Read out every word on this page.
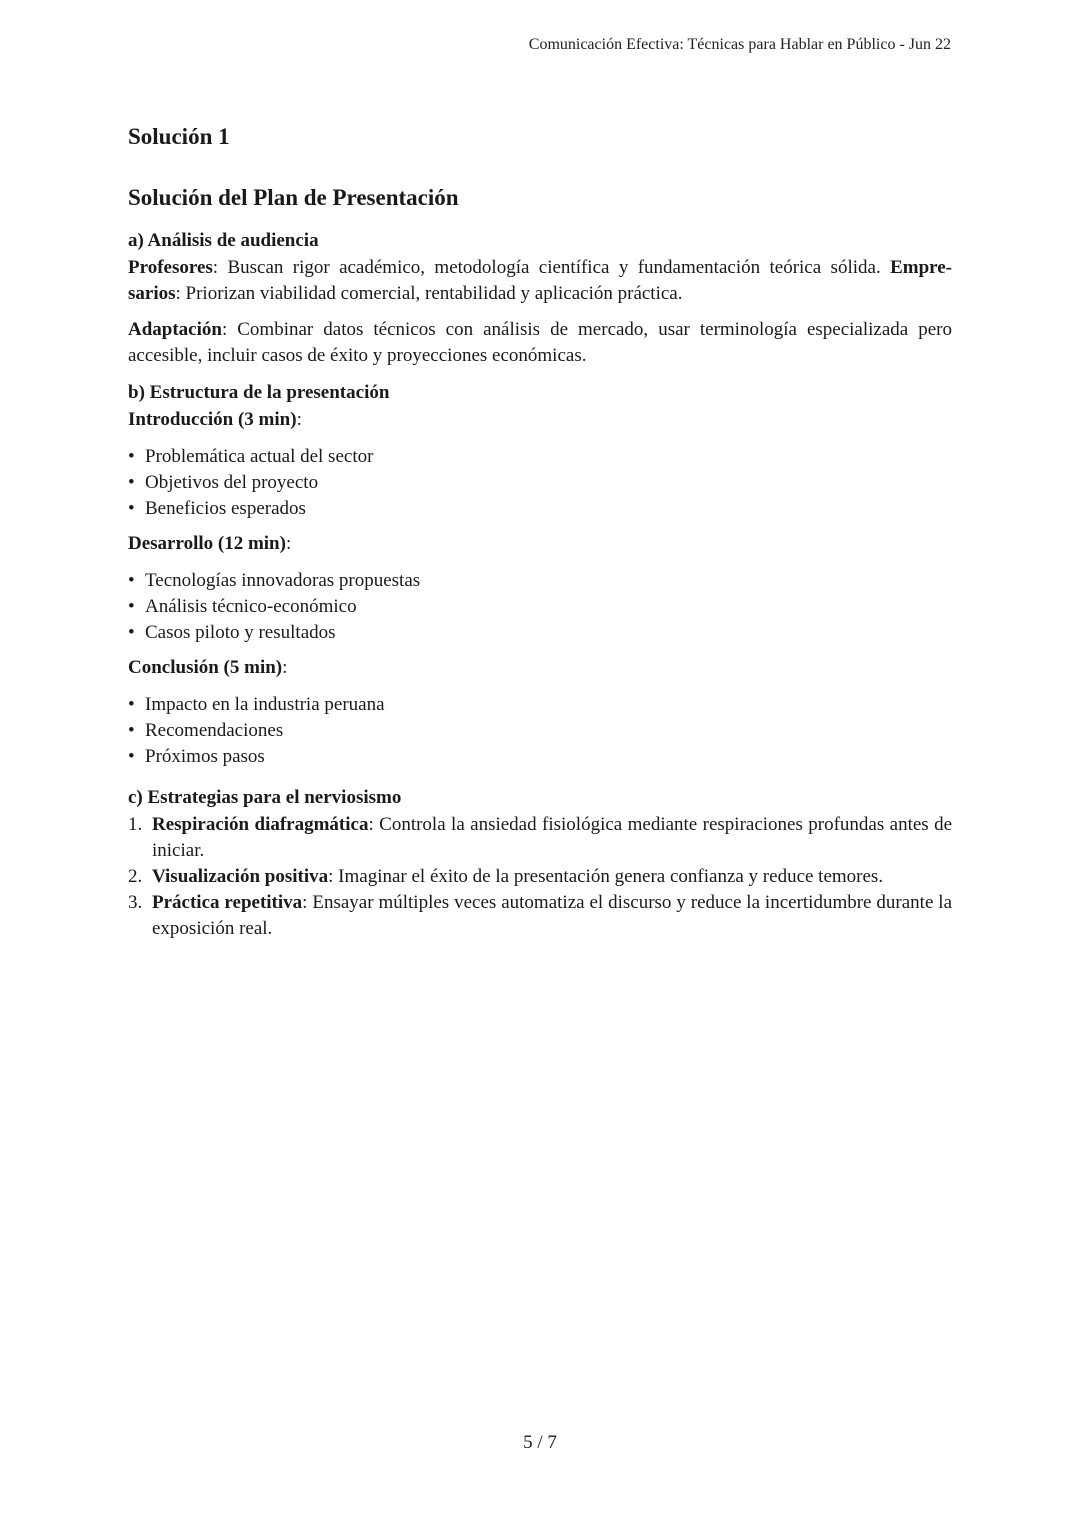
Comunicación Efectiva: Técnicas para Hablar en Público - Jun 22
Solución 1
Solución del Plan de Presentación
a) Análisis de audiencia

Profesores: Buscan rigor académico, metodología científica y fundamentación teórica sólida. Empre-sarios: Priorizan viabilidad comercial, rentabilidad y aplicación práctica.

Adaptación: Combinar datos técnicos con análisis de mercado, usar terminología especializada pero accesible, incluir casos de éxito y proyecciones económicas.

b) Estructura de la presentación
Introducción (3 min):
• Problemática actual del sector
• Objetivos del proyecto
• Beneficios esperados
Desarrollo (12 min):
• Tecnologías innovadoras propuestas
• Análisis técnico-económico
• Casos piloto y resultados
Conclusión (5 min):
• Impacto en la industria peruana
• Recomendaciones
• Próximos pasos
c) Estrategias para el nerviosismo
1. Respiración diafragmática: Controla la ansiedad fisiológica mediante respiraciones profundas antes de iniciar.
2. Visualización positiva: Imaginar el éxito de la presentación genera confianza y reduce temores.
3. Práctica repetitiva: Ensayar múltiples veces automatiza el discurso y reduce la incertidumbre durante la exposición real.
5 / 7
